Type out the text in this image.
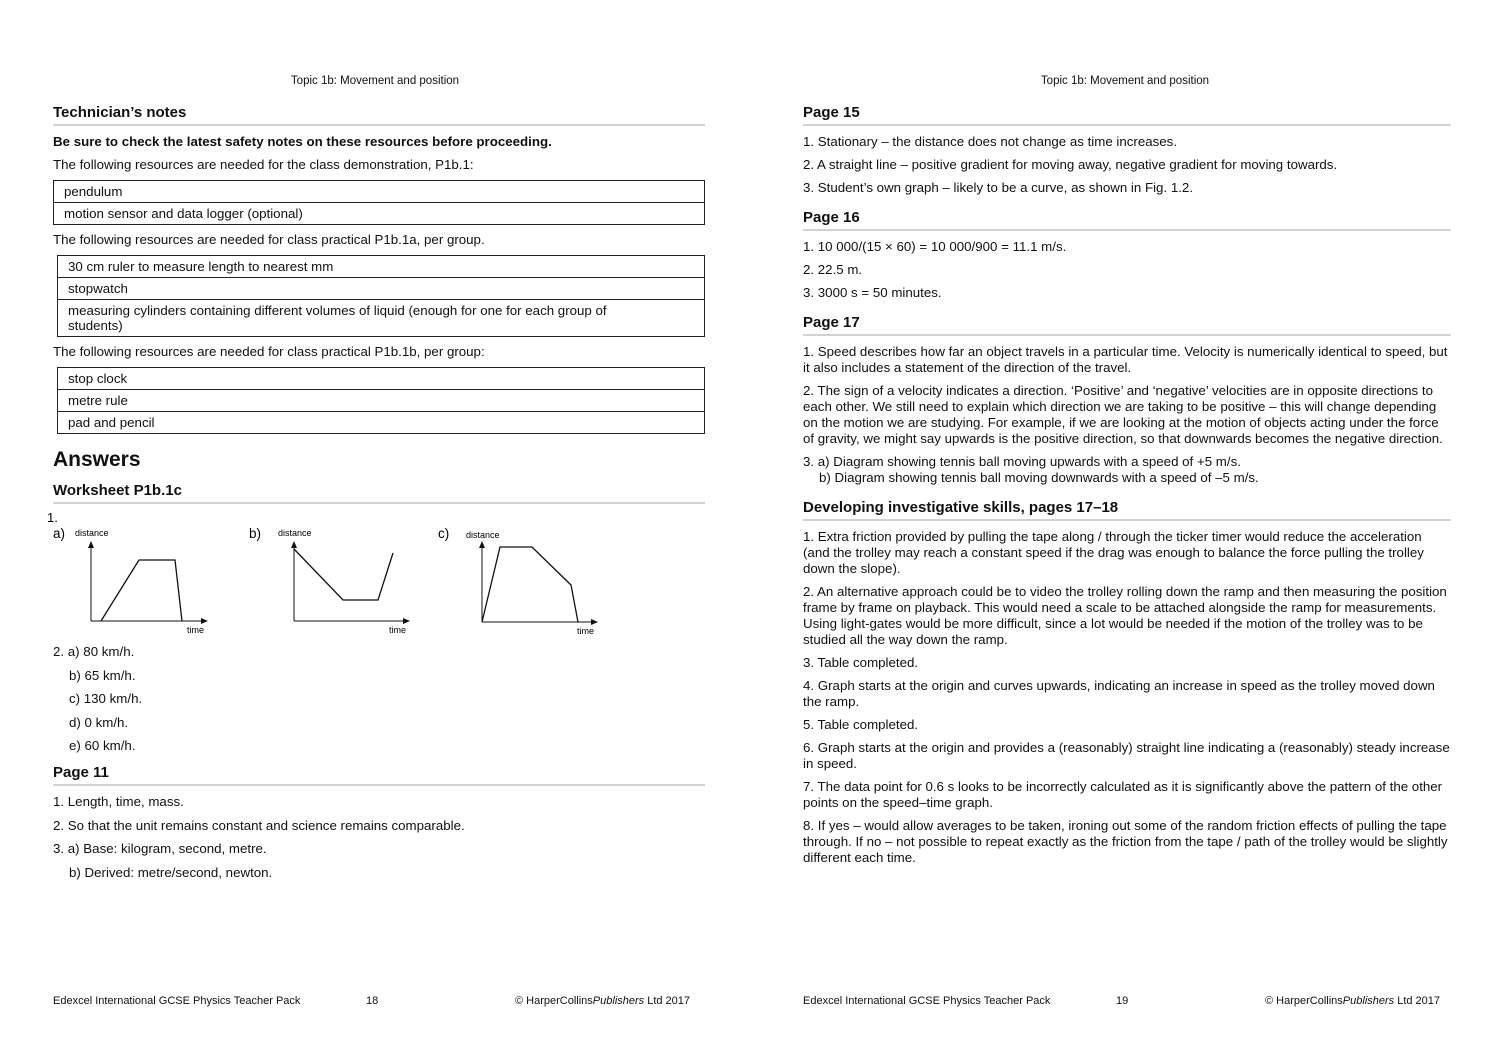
Topic 1b: Movement and position
Technician’s notes

Be sure to check the latest safety notes on these resources before proceeding.

The following resources are needed for the class demonstration, P1b.1:

pendulum
motion sensor and data logger (optional)

The following resources are needed for class practical P1b.1a, per group.

30 cm ruler to measure length to nearest mm
stopwatch
measuring cylinders containing different volumes of liquid (enough for one for each group of students)

The following resources are needed for class practical P1b.1b, per group:

stop clock
metre rule
pad and pencil
Answers
Worksheet P1b.1c
1.
a) distance
time
b) distance
time
c) distance
time

2. a) 80 km/h.

b) 65 km/h.

c) 130 km/h.

d) 0 km/h.

e) 60 km/h.

Page 11

1. Length, time, mass.

2. So that the unit remains constant and science remains comparable.

3. a) Base: kilogram, second, metre.

b) Derived: metre/second, newton.

Edexcel International GCSE Physics Teacher Pack	18	© HarperCollinsPublishers Ltd 2017
Topic 1b: Movement and position
Page 15

1. Stationary – the distance does not change as time increases.

2. A straight line – positive gradient for moving away, negative gradient for moving towards.

3. Student’s own graph – likely to be a curve, as shown in Fig. 1.2.

Page 16

1. 10 000/(15 × 60) = 10 000/900 = 11.1 m/s.

2. 22.5 m.

3. 3000 s = 50 minutes.

Page 17

1. Speed describes how far an object travels in a particular time. Velocity is numerically identical to speed, but it also includes a statement of the direction of the travel.

2. The sign of a velocity indicates a direction. ‘Positive’ and ‘negative’ velocities are in opposite directions to each other. We still need to explain which direction we are taking to be positive – this will change depending on the motion we are studying. For example, if we are looking at the motion of objects acting under the force of gravity, we might say upwards is the positive direction, so that downwards becomes the negative direction.

3. a) Diagram showing tennis ball moving upwards with a speed of +5 m/s.

b) Diagram showing tennis ball moving downwards with a speed of –5 m/s.

Developing investigative skills, pages 17–18

1. Extra friction provided by pulling the tape along / through the ticker timer would reduce the acceleration (and the trolley may reach a constant speed if the drag was enough to balance the force pulling the trolley down the slope).

2. An alternative approach could be to video the trolley rolling down the ramp and then measuring the position frame by frame on playback. This would need a scale to be attached alongside the ramp for measurements. Using light-gates would be more difficult, since a lot would be needed if the motion of the trolley was to be studied all the way down the ramp.

3. Table completed.

4. Graph starts at the origin and curves upwards, indicating an increase in speed as the trolley moved down the ramp.

5. Table completed.

6. Graph starts at the origin and provides a (reasonably) straight line indicating a (reasonably) steady increase in speed.

7. The data point for 0.6 s looks to be incorrectly calculated as it is significantly above the pattern of the other points on the speed–time graph.

8. If yes – would allow averages to be taken, ironing out some of the random friction effects of pulling the tape through. If no – not possible to repeat exactly as the friction from the tape / path of the trolley would be slightly different each time.

Edexcel International GCSE Physics Teacher Pack	19	© HarperCollinsPublishers Ltd 2017
